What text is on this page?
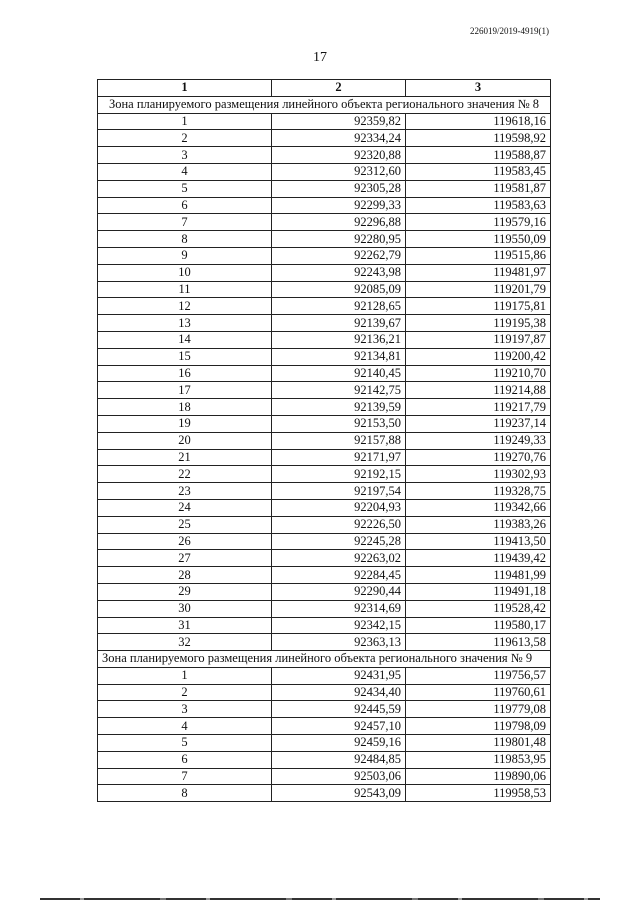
226019/2019-4919(1)
17
1	2	3
Зона планируемого размещения линейного объекта регионального значения № 8		
1	92359,82	119618,16
2	92334,24	119598,92
3	92320,88	119588,87
4	92312,60	119583,45
5	92305,28	119581,87
6	92299,33	119583,63
7	92296,88	119579,16
8	92280,95	119550,09
9	92262,79	119515,86
10	92243,98	119481,97
11	92085,09	119201,79
12	92128,65	119175,81
13	92139,67	119195,38
14	92136,21	119197,87
15	92134,81	119200,42
16	92140,45	119210,70
17	92142,75	119214,88
18	92139,59	119217,79
19	92153,50	119237,14
20	92157,88	119249,33
21	92171,97	119270,76
22	92192,15	119302,93
23	92197,54	119328,75
24	92204,93	119342,66
25	92226,50	119383,26
26	92245,28	119413,50
27	92263,02	119439,42
28	92284,45	119481,99
29	92290,44	119491,18
30	92314,69	119528,42
31	92342,15	119580,17
32	92363,13	119613,58
Зона планируемого размещения линейного объекта регионального значения № 9		
1	92431,95	119756,57
2	92434,40	119760,61
3	92445,59	119779,08
4	92457,10	119798,09
5	92459,16	119801,48
6	92484,85	119853,95
7	92503,06	119890,06
8	92543,09	119958,53
